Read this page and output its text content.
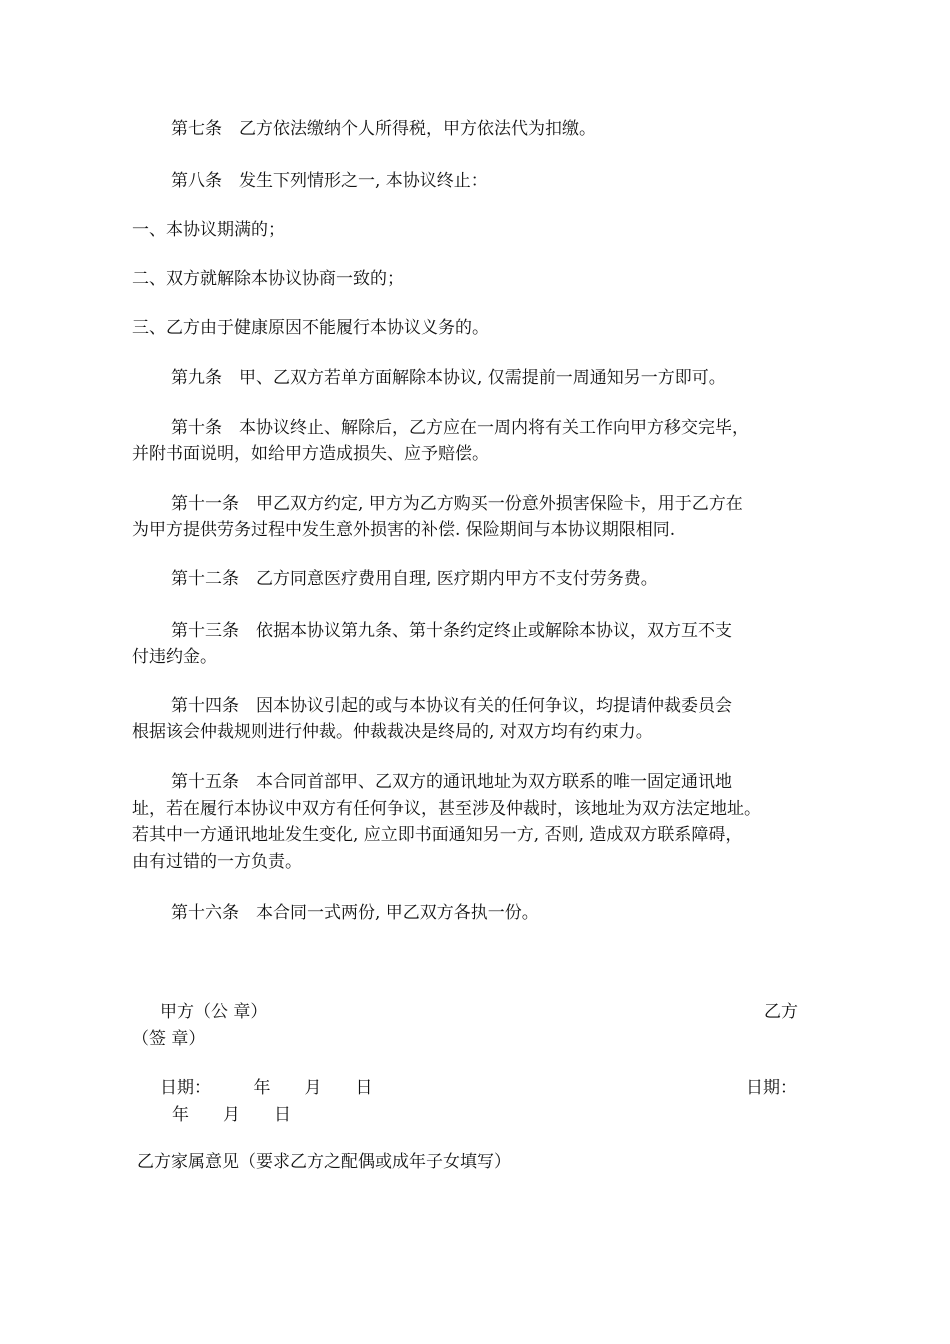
第七条　乙方依法缴纳个人所得税，甲方依法代为扣缴。
第八条　发生下列情形之一, 本协议终止：
一、本协议期满的；
二、双方就解除本协议协商一致的；
三、乙方由于健康原因不能履行本协议义务的。
第九条　甲、乙双方若单方面解除本协议, 仅需提前一周通知另一方即可。
第十条　本协议终止、解除后，乙方应在一周内将有关工作向甲方移交完毕，
并附书面说明，如给甲方造成损失、应予赔偿。
第十一条　甲乙双方约定, 甲方为乙方购买一份意外损害保险卡，用于乙方在
为甲方提供劳务过程中发生意外损害的补偿. 保险期间与本协议期限相同.
第十二条　乙方同意医疗费用自理, 医疗期内甲方不支付劳务费。
第十三条　依据本协议第九条、第十条约定终止或解除本协议，双方互不支
付违约金。
第十四条　因本协议引起的或与本协议有关的任何争议，均提请仲裁委员会
根据该会仲裁规则进行仲裁。仲裁裁决是终局的, 对双方均有约束力。
第十五条　本合同首部甲、乙双方的通讯地址为双方联系的唯一固定通讯地
址，若在履行本协议中双方有任何争议，甚至涉及仲裁时，该地址为双方法定地址。
若其中一方通讯地址发生变化, 应立即书面通知另一方, 否则, 造成双方联系障碍，
由有过错的一方负责。
第十六条　本合同一式两份, 甲乙双方各执一份。
甲方（公 章）	乙方
（签 章）
日期：　　　年　　月　　日	日期：
年　　月　　日
乙方家属意见（要求乙方之配偶或成年子女填写）
